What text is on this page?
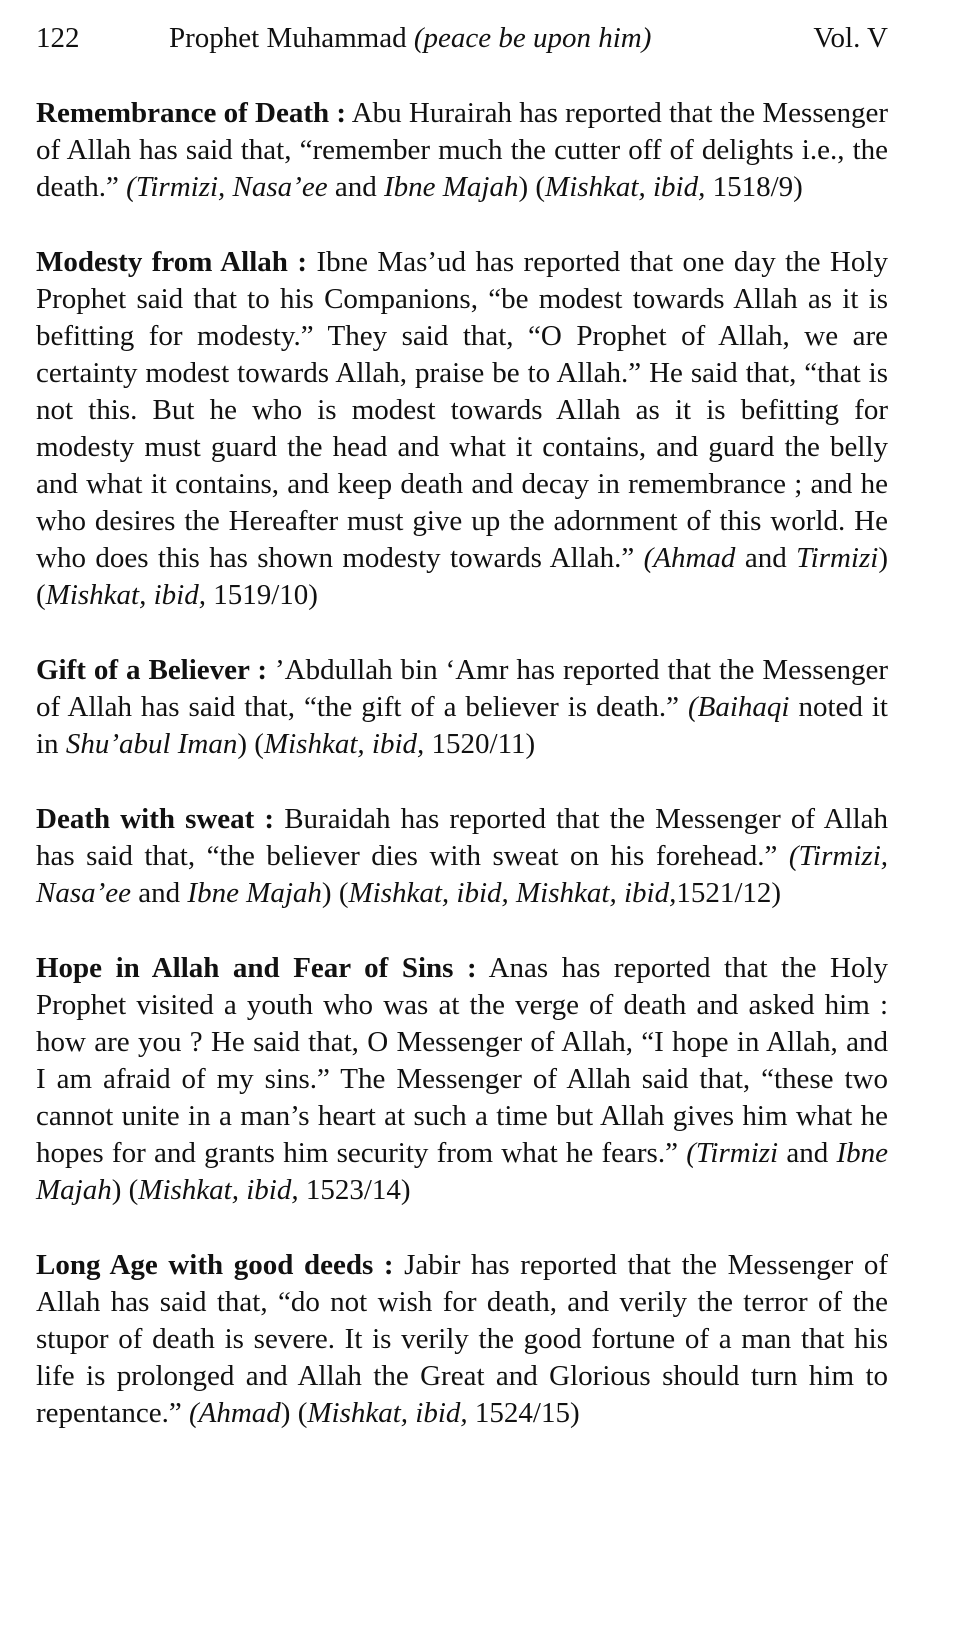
122	Prophet Muhammad (peace be upon him)	Vol. V

Remembrance of Death : Abu Hurairah has reported that the Messenger of Allah has said that, “remember much the cutter off of delights i.e., the death.” (Tirmizi, Nasa’ee and Ibne Majah) (Mishkat, ibid, 1518/9)

Modesty from Allah : Ibne Mas’ud has reported that one day the Holy Prophet said that to his Companions, “be modest towards Allah as it is befitting for modesty.” They said that, “O Prophet of Allah, we are certainty modest towards Allah, praise be to Allah.” He said that, “that is not this. But he who is modest towards Allah as it is befitting for modesty must guard the head and what it contains, and guard the belly and what it contains, and keep death and decay in remembrance ; and he who desires the Hereafter must give up the adornment of this world. He who does this has shown modesty towards Allah.” (Ahmad and Tirmizi) (Mishkat, ibid, 1519/10)

Gift of a Believer : ’Abdullah bin ‘Amr has reported that the Messenger of Allah has said that, “the gift of a believer is death.” (Baihaqi noted it in Shu’abul Iman) (Mishkat, ibid, 1520/11)

Death with sweat : Buraidah has reported that the Messenger of Allah has said that, “the believer dies with sweat on his forehead.” (Tirmizi, Nasa’ee and Ibne Majah) (Mishkat, ibid, Mishkat, ibid,1521/12)

Hope in Allah and Fear of Sins : Anas has reported that the Holy Prophet visited a youth who was at the verge of death and asked him : how are you ? He said that, O Messenger of Allah, “I hope in Allah, and I am afraid of my sins.” The Messenger of Allah said that, “these two cannot unite in a man’s heart at such a time but Allah gives him what he hopes for and grants him security from what he fears.” (Tirmizi and Ibne Majah) (Mishkat, ibid, 1523/14)

Long Age with good deeds : Jabir has reported that the Messenger of Allah has said that, “do not wish for death, and verily the terror of the stupor of death is severe. It is verily the good fortune of a man that his life is prolonged and Allah the Great and Glorious should turn him to repentance.” (Ahmad) (Mishkat, ibid, 1524/15)
